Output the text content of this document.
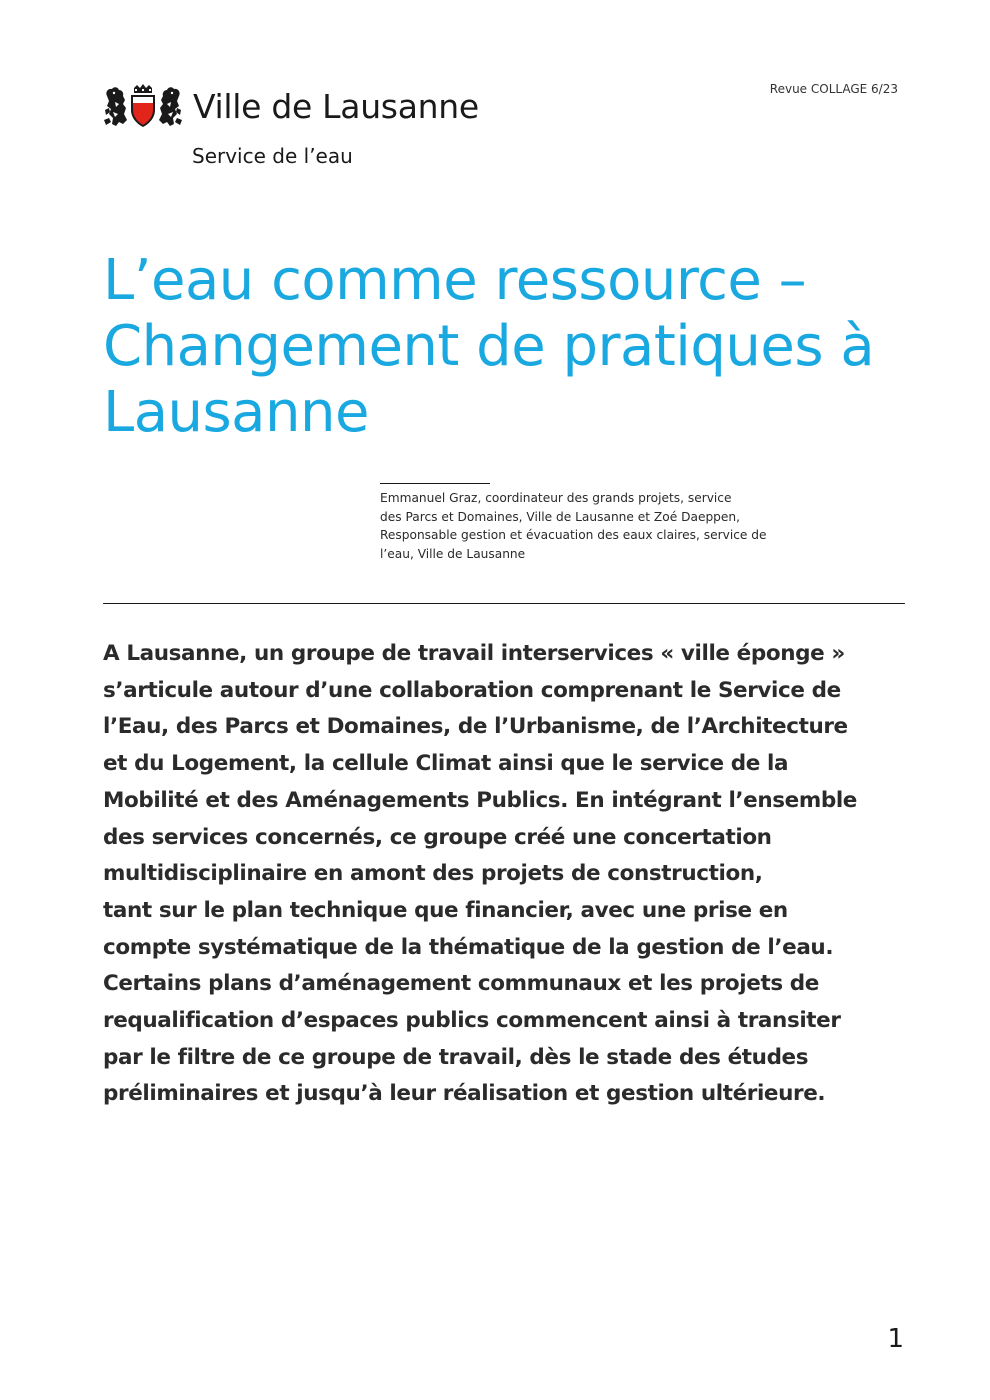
Ville de Lausanne
Service de l’eau
Revue COLLAGE 6/23
L’eau comme ressource –
Changement de pratiques à
Lausanne
Emmanuel Graz, coordinateur des grands projets, service
des Parcs et Domaines, Ville de Lausanne et Zoé Daeppen,
Responsable gestion et évacuation des eaux claires, service de
l’eau, Ville de Lausanne
A Lausanne, un groupe de travail interservices « ville éponge »
s’articule autour d’une collaboration comprenant le Service de
l’Eau, des Parcs et Domaines, de l’Urbanisme, de l’Architecture
et du Logement, la cellule Climat ainsi que le service de la
Mobilité et des Aménagements Publics. En intégrant l’ensemble
des services concernés, ce groupe créé une concertation
multidisciplinaire en amont des projets de construction,
tant sur le plan technique que financier, avec une prise en
compte systématique de la thématique de la gestion de l’eau.
Certains plans d’aménagement communaux et les projets de
requalification d’espaces publics commencent ainsi à transiter
par le filtre de ce groupe de travail, dès le stade des études
préliminaires et jusqu’à leur réalisation et gestion ultérieure.
1
